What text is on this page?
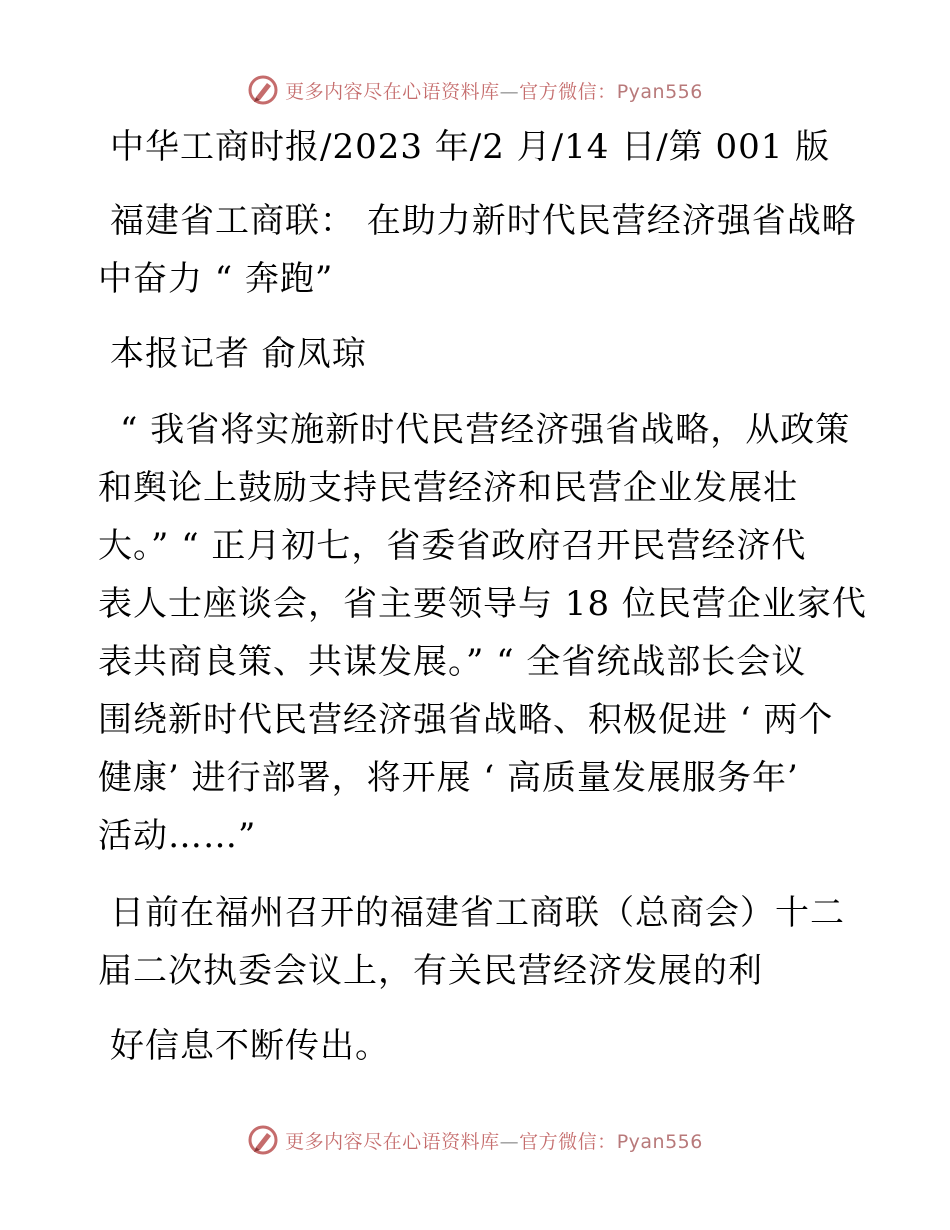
更多内容尽在心语资料库—官方微信：Pyan556
中华工商时报/2023 年/2 月/14 日/第 001 版
福建省工商联： 在助力新时代民营经济强省战略
中奋力 “ 奔跑”
本报记者 俞凤琼
“ 我省将实施新时代民营经济强省战略，从政策
和舆论上鼓励支持民营经济和民营企业发展壮
大。” “ 正月初七，省委省政府召开民营经济代
表人士座谈会，省主要领导与 18 位民营企业家代
表共商良策、共谋发展。” “ 全省统战部长会议
围绕新时代民营经济强省战略、积极促进 ‘ 两个
健康’ 进行部署，将开展 ‘ 高质量发展服务年’
活动……”
日前在福州召开的福建省工商联（总商会）十二
届二次执委会议上，有关民营经济发展的利
好信息不断传出。
更多内容尽在心语资料库—官方微信：Pyan556
